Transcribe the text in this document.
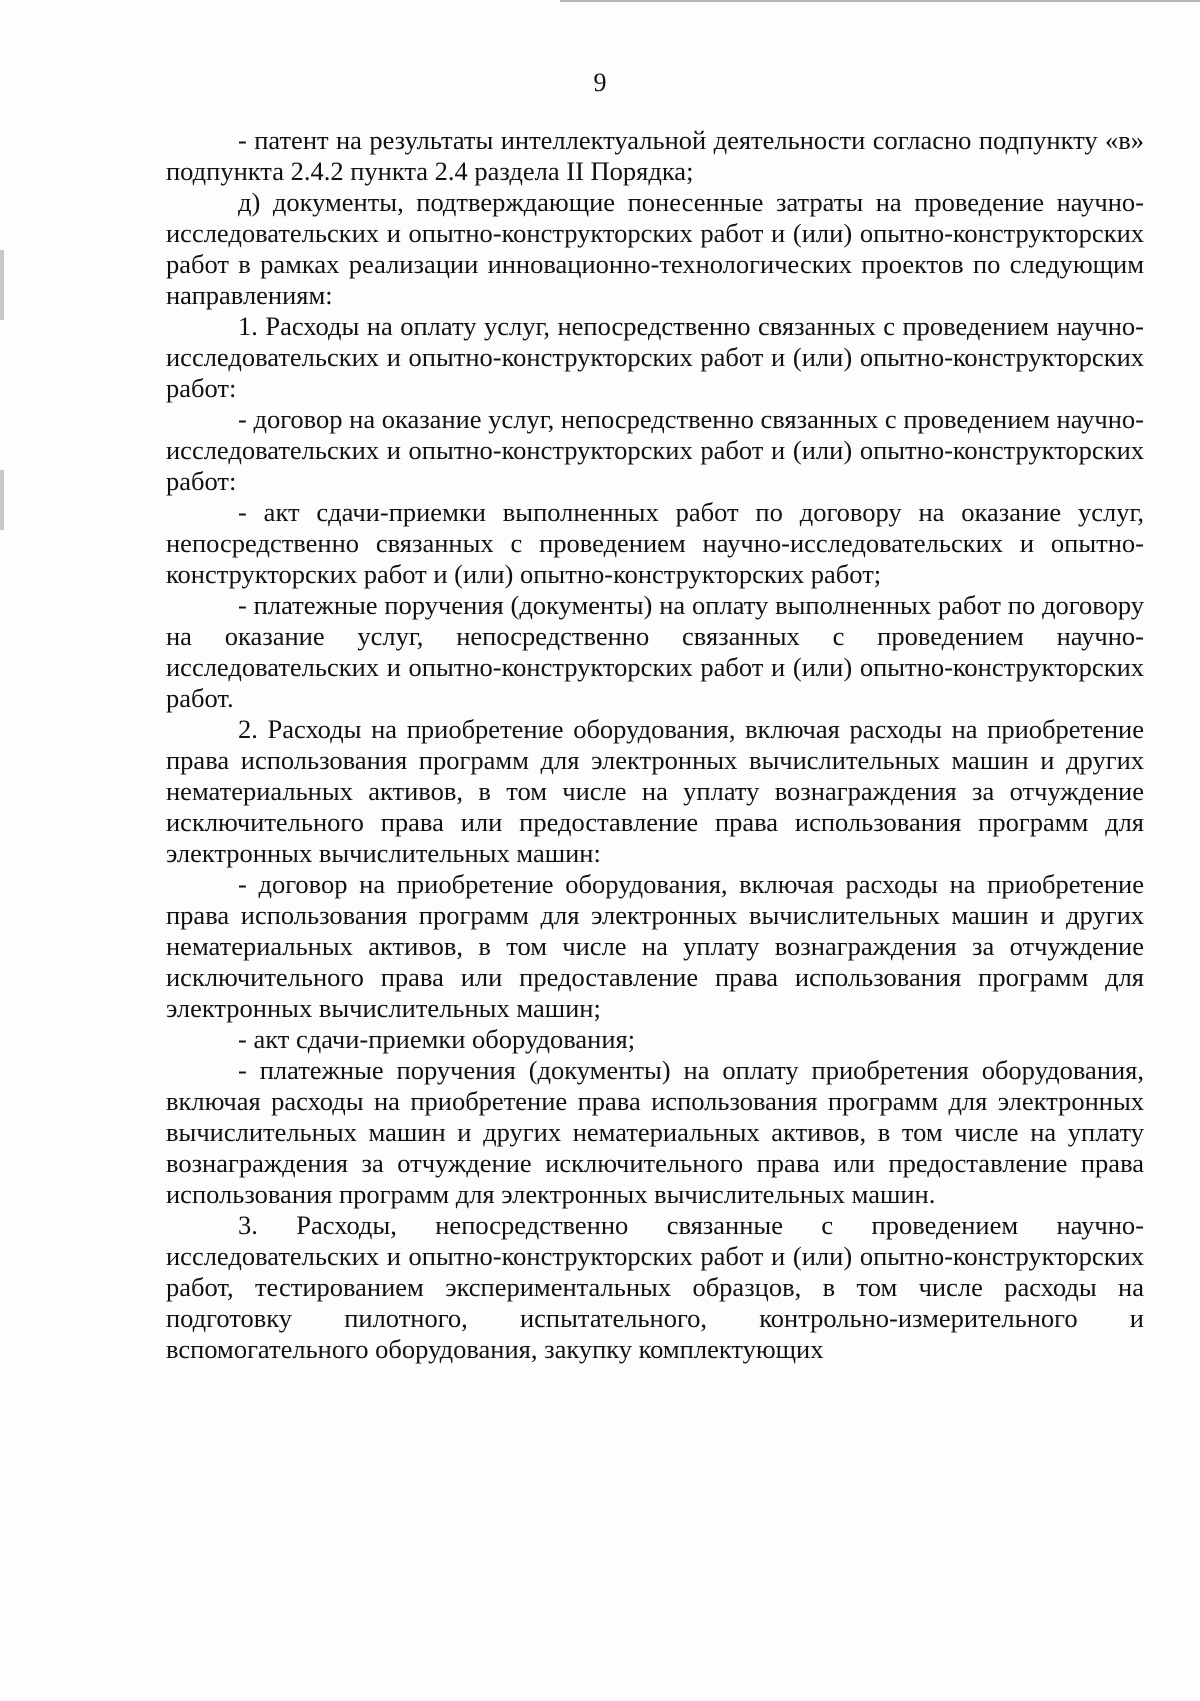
9

- патент на результаты интеллектуальной деятельности согласно подпункту «в» подпункта 2.4.2 пункта 2.4 раздела II Порядка;

д) документы, подтверждающие понесенные затраты на проведение научно-исследовательских и опытно-конструкторских работ и (или) опытно-конструкторских работ в рамках реализации инновационно-технологических проектов по следующим направлениям:

1. Расходы на оплату услуг, непосредственно связанных с проведением научно-исследовательских и опытно-конструкторских работ и (или) опытно-конструкторских работ:

- договор на оказание услуг, непосредственно связанных с проведением научно-исследовательских и опытно-конструкторских работ и (или) опытно-конструкторских работ:

- акт сдачи-приемки выполненных работ по договору на оказание услуг, непосредственно связанных с проведением научно-исследовательских и опытно-конструкторских работ и (или) опытно-конструкторских работ;

- платежные поручения (документы) на оплату выполненных работ по договору на оказание услуг, непосредственно связанных с проведением научно-исследовательских и опытно-конструкторских работ и (или) опытно-конструкторских работ.

2. Расходы на приобретение оборудования, включая расходы на приобретение права использования программ для электронных вычислительных машин и других нематериальных активов, в том числе на уплату вознаграждения за отчуждение исключительного права или предоставление права использования программ для электронных вычислительных машин:

- договор на приобретение оборудования, включая расходы на приобретение права использования программ для электронных вычислительных машин и других нематериальных активов, в том числе на уплату вознаграждения за отчуждение исключительного права или предоставление права использования программ для электронных вычислительных машин;

- акт сдачи-приемки оборудования;

- платежные поручения (документы) на оплату приобретения оборудования, включая расходы на приобретение права использования программ для электронных вычислительных машин и других нематериальных активов, в том числе на уплату вознаграждения за отчуждение исключительного права или предоставление права использования программ для электронных вычислительных машин.

3. Расходы, непосредственно связанные с проведением научно-исследовательских и опытно-конструкторских работ и (или) опытно-конструкторских работ, тестированием экспериментальных образцов, в том числе расходы на подготовку пилотного, испытательного, контрольно-измерительного и вспомогательного оборудования, закупку комплектующих
